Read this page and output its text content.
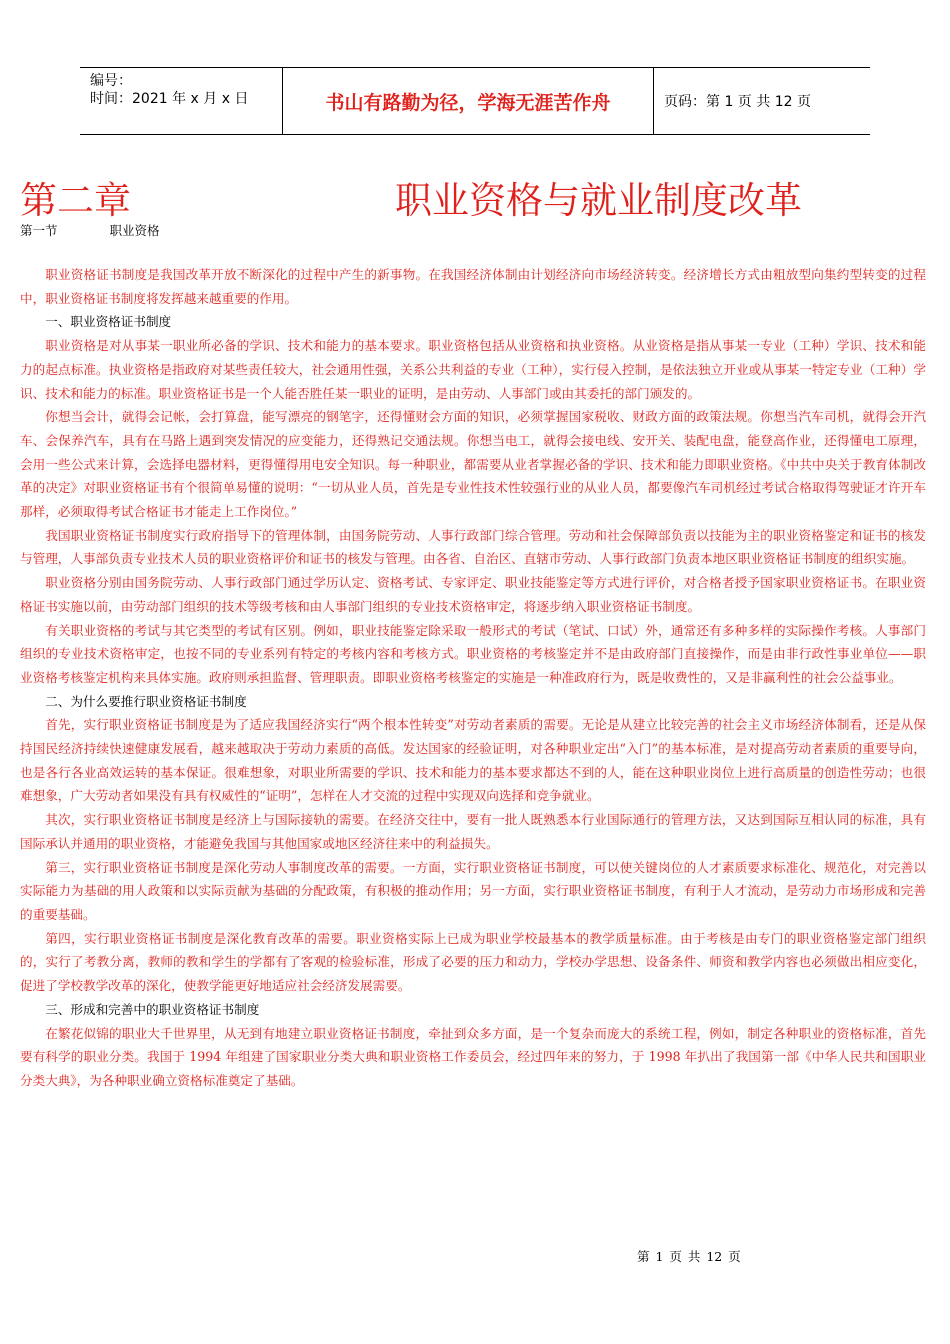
编号：
时间：2021 年 x 月 x 日	书山有路勤为径，学海无涯苦作舟	页码：第 1 页 共 12 页
第二章	职业资格与就业制度改革
第一节	职业资格

职业资格证书制度是我国改革开放不断深化的过程中产生的新事物。在我国经济体制由计划经济向市场经济转变。经济增长方式由粗放型向集约型转变的过程中，职业资格证书制度将发挥越来越重要的作用。

一、职业资格证书制度

职业资格是对从事某一职业所必备的学识、技术和能力的基本要求。职业资格包括从业资格和执业资格。从业资格是指从事某一专业（工种）学识、技术和能力的起点标准。执业资格是指政府对某些责任较大，社会通用性强，关系公共利益的专业（工种），实行侵入控制，是依法独立开业或从事某一特定专业（工种）学识、技术和能力的标准。职业资格证书是一个人能否胜任某一职业的证明，是由劳动、人事部门或由其委托的部门颁发的。

你想当会计，就得会记帐，会打算盘，能写漂亮的钢笔字，还得懂财会方面的知识，必须掌握国家税收、财政方面的政策法规。你想当汽车司机，就得会开汽车、会保养汽车，具有在马路上遇到突发情况的应变能力，还得熟记交通法规。你想当电工，就得会接电线、安开关、装配电盘，能登高作业，还得懂电工原理，会用一些公式来计算，会选择电器材料，更得懂得用电安全知识。每一种职业，都需要从业者掌握必备的学识、技术和能力即职业资格。《中共中央关于教育体制改革的决定》对职业资格证书有个很简单易懂的说明：“一切从业人员，首先是专业性技术性较强行业的从业人员，都要像汽车司机经过考试合格取得驾驶证才许开车那样，必须取得考试合格证书才能走上工作岗位。”

我国职业资格证书制度实行政府指导下的管理体制，由国务院劳动、人事行政部门综合管理。劳动和社会保障部负责以技能为主的职业资格鉴定和证书的核发与管理，人事部负责专业技术人员的职业资格评价和证书的核发与管理。由各省、自治区、直辖市劳动、人事行政部门负责本地区职业资格证书制度的组织实施。

职业资格分别由国务院劳动、人事行政部门通过学历认定、资格考试、专家评定、职业技能鉴定等方式进行评价，对合格者授予国家职业资格证书。在职业资格证书实施以前，由劳动部门组织的技术等级考核和由人事部门组织的专业技术资格审定，将逐步纳入职业资格证书制度。

有关职业资格的考试与其它类型的考试有区别。例如，职业技能鉴定除采取一般形式的考试（笔试、口试）外，通常还有多种多样的实际操作考核。人事部门组织的专业技术资格审定，也按不同的专业系列有特定的考核内容和考核方式。职业资格的考核鉴定并不是由政府部门直接操作，而是由非行政性事业单位——职业资格考核鉴定机构来具体实施。政府则承担监督、管理职责。即职业资格考核鉴定的实施是一种准政府行为，既是收费性的，又是非赢利性的社会公益事业。

二、为什么要推行职业资格证书制度

首先，实行职业资格证书制度是为了适应我国经济实行“两个根本性转变”对劳动者素质的需要。无论是从建立比较完善的社会主义市场经济体制看，还是从保持国民经济持续快速健康发展看，越来越取决于劳动力素质的高低。发达国家的经验证明，对各种职业定出“入门”的基本标准，是对提高劳动者素质的重要导向，也是各行各业高效运转的基本保证。很难想象，对职业所需要的学识、技术和能力的基本要求都达不到的人，能在这种职业岗位上进行高质量的创造性劳动；也很难想象，广大劳动者如果没有具有权威性的“证明”，怎样在人才交流的过程中实现双向选择和竞争就业。

其次，实行职业资格证书制度是经济上与国际接轨的需要。在经济交往中，要有一批人既熟悉本行业国际通行的管理方法，又达到国际互相认同的标准，具有国际承认并通用的职业资格，才能避免我国与其他国家或地区经济往来中的利益损失。

第三，实行职业资格证书制度是深化劳动人事制度改革的需要。一方面，实行职业资格证书制度，可以使关键岗位的人才素质要求标准化、规范化，对完善以实际能力为基础的用人政策和以实际贡献为基础的分配政策，有积极的推动作用；另一方面，实行职业资格证书制度，有利于人才流动，是劳动力市场形成和完善的重要基础。

第四，实行职业资格证书制度是深化教育改革的需要。职业资格实际上已成为职业学校最基本的教学质量标准。由于考核是由专门的职业资格鉴定部门组织的，实行了考教分离，教师的教和学生的学都有了客观的检验标准，形成了必要的压力和动力，学校办学思想、设备条件、师资和教学内容也必须做出相应变化，促进了学校教学改革的深化，使教学能更好地适应社会经济发展需要。

三、形成和完善中的职业资格证书制度

在繁花似锦的职业大千世界里，从无到有地建立职业资格证书制度，牵扯到众多方面，是一个复杂而庞大的系统工程，例如，制定各种职业的资格标准，首先要有科学的职业分类。我国于 1994 年组建了国家职业分类大典和职业资格工作委员会，经过四年来的努力，于 1998 年扒出了我国第一部《中华人民共和国职业分类大典》，为各种职业确立资格标准奠定了基础。

第 1 页 共 12 页
